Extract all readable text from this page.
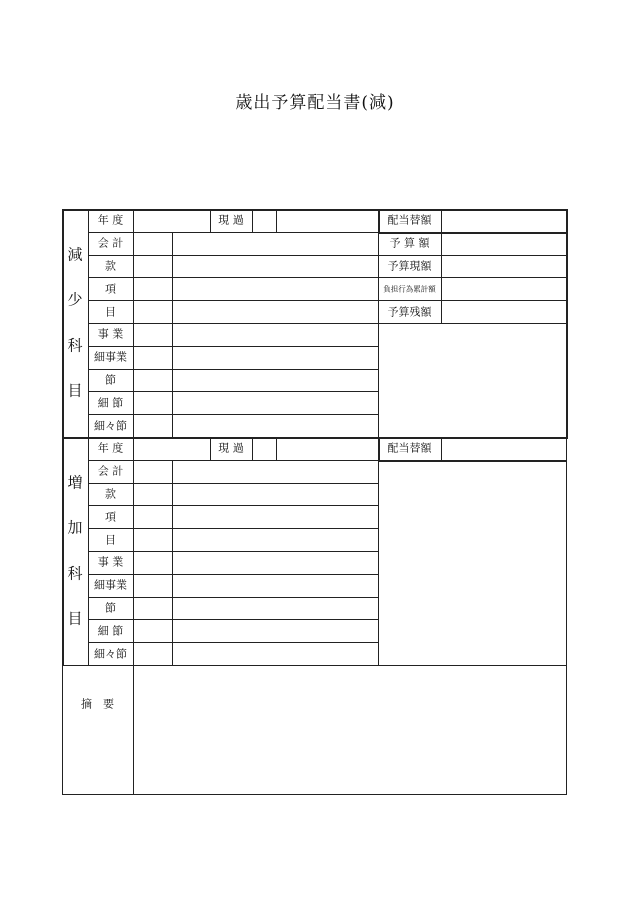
歳出予算配当書(減)
減
少
科
目
年 度
会 計
款
項
目
事 業
細事業
節
細 節
細々節
現 過	配当替額
予 算 額
予算現額
負担行為累計額
予算残額
増
加
科
目
年 度
会 計
款
項
目
事 業
細事業
節
細 節
細々節
現 過	配当替額
摘　要
